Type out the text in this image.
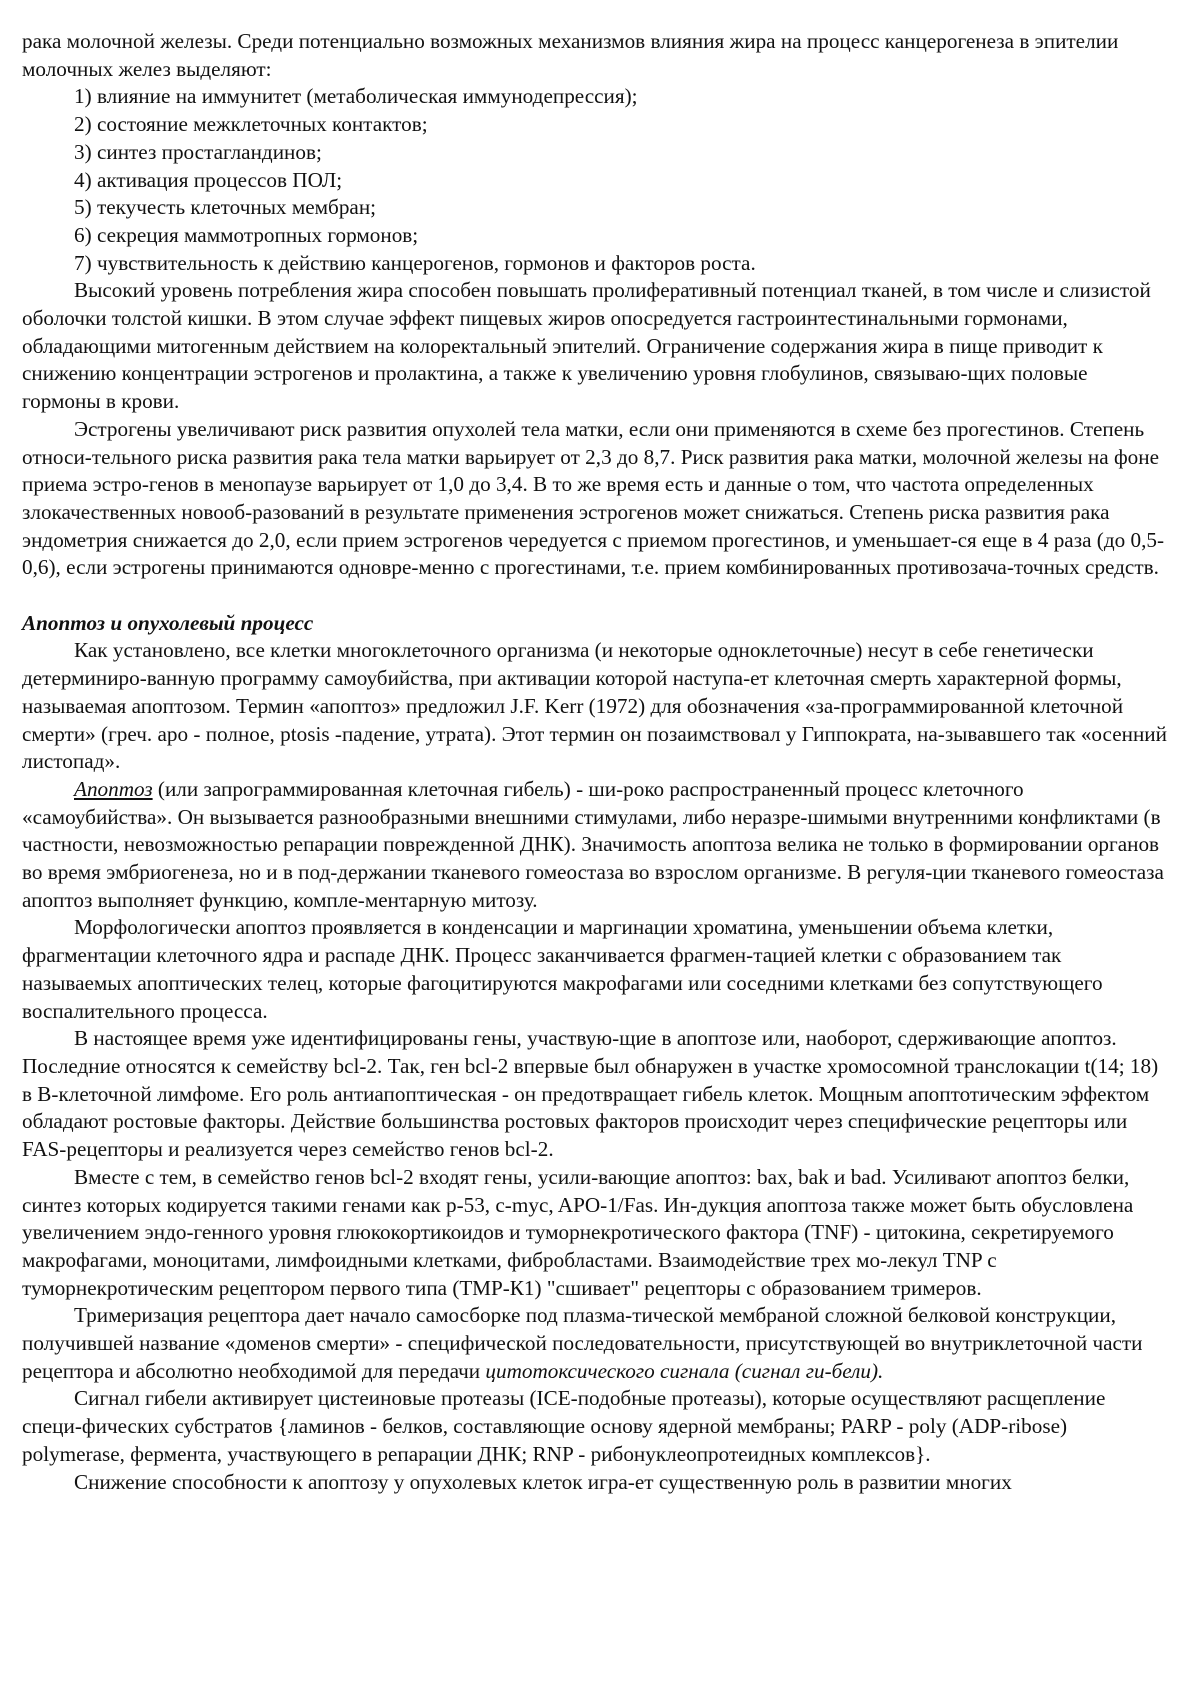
рака молочной железы. Среди потенциально возможных механизмов влияния жира на процесс канцерогенеза в эпителии молочных желез выделяют:

1) влияние на иммунитет (метаболическая иммунодепрессия);

2) состояние межклеточных контактов;

3) синтез простагландинов;

4) активация процессов ПОЛ;

5) текучесть клеточных мембран;

6) секреция маммотропных гормонов;

7) чувствительность к действию канцерогенов, гормонов и факторов роста.

Высокий уровень потребления жира способен повышать пролиферативный потенциал тканей, в том числе и слизистой оболочки толстой кишки. В этом случае эффект пищевых жиров опосредуется гастроинтестинальными гормонами, обладающими митогенным действием на колоректальный эпителий. Ограничение содержания жира в пище приводит к снижению концентрации эстрогенов и пролактина, а также к увеличению уровня глобулинов, связываю-щих половые гормоны в крови.

Эстрогены увеличивают риск развития опухолей тела матки, если они применяются в схеме без прогестинов. Степень относи-тельного риска развития рака тела матки варьирует от 2,3 до 8,7. Риск развития рака матки, молочной железы на фоне приема эстро-генов в менопаузе варьирует от 1,0 до 3,4. В то же время есть и данные о том, что частота определенных злокачественных новооб-разований в результате применения эстрогенов может снижаться. Степень риска развития рака эндометрия снижается до 2,0, если прием эстрогенов чередуется с приемом прогестинов, и уменьшает-ся еще в 4 раза (до 0,5-0,6), если эстрогены принимаются одновре-менно с прогестинами, т.е. прием комбинированных противозача-точных средств.

Апоптоз и опухолевый процесс

Как установлено, все клетки многоклеточного организма (и некоторые одноклеточные) несут в себе генетически детерминиро-ванную программу самоубийства, при активации которой наступа-ет клеточная смерть характерной формы, называемая апоптозом. Термин «апоптоз» предложил J.F. Kerr (1972) для обозначения «за-программированной клеточной смерти» (греч. apo - полное, ptosis -падение, утрата). Этот термин он позаимствовал у Гиппократа, на-зывавшего так «осенний листопад».

Апоптоз (или запрограммированная клеточная гибель) - ши-роко распространенный процесс клеточного «самоубийства». Он вызывается разнообразными внешними стимулами, либо неразре-шимыми внутренними конфликтами (в частности, невозможностью репарации поврежденной ДНК). Значимость апоптоза велика не только в формировании органов во время эмбриогенеза, но и в под-держании тканевого гомеостаза во взрослом организме. В регуля-ции тканевого гомеостаза апоптоз выполняет функцию, компле-ментарную митозу.

Морфологически апоптоз проявляется в конденсации и маргинации хроматина, уменьшении объема клетки, фрагментации клеточного ядра и распаде ДНК. Процесс заканчивается фрагмен-тацией клетки с образованием так называемых апоптических телец, которые фагоцитируются макрофагами или соседними клетками без сопутствующего воспалительного процесса.

В настоящее время уже идентифицированы гены, участвую-щие в апоптозе или, наоборот, сдерживающие апоптоз. Последние относятся к семейству bcl-2. Так, ген bcl-2 впервые был обнаружен в участке хромосомной транслокации t(14; 18) в В-клеточной лимфоме. Его роль антиапоптическая - он предотвращает гибель клеток. Мощным апоптотическим эффектом обладают ростовые факторы. Действие большинства ростовых факторов происходит через специфические рецепторы или FAS-рецепторы и реализуется через семейство генов bcl-2.

Вместе с тем, в семейство генов bcl-2 входят гены, усили-вающие апоптоз: bax, bak и bad. Усиливают апоптоз белки, синтез которых кодируется такими генами как p-53, c-myc, APO-1/Fas. Ин-дукция апоптоза также может быть обусловлена увеличением эндо-генного уровня глюкокортикоидов и туморнекротического фактора (TNF) - цитокина, секретируемого макрофагами, моноцитами, лимфоидными клетками, фибробластами. Взаимодействие трех мо-лекул TNP с туморнекротическим рецептором первого типа (ТМР-К1) "сшивает" рецепторы с образованием тримеров.

Тримеризация рецептора дает начало самосборке под плазма-тической мембраной сложной белковой конструкции, получившей название «доменов смерти» - специфической последовательности, присутствующей во внутриклеточной части рецептора и абсолютно необходимой для передачи цитотоксического сигнала (сигнал ги-бели).

Сигнал гибели активирует цистеиновые протеазы (ICE-подобные протеазы), которые осуществляют расщепление специ-фических субстратов {ламинов - белков, составляющие основу ядерной мембраны; PARP - poly (ADP-ribose) polymerase, фермента, участвующего в репарации ДНК; RNP - рибонуклеопротеидных комплексов}.

Снижение способности к апоптозу у опухолевых клеток игра-ет существенную роль в развитии многих
